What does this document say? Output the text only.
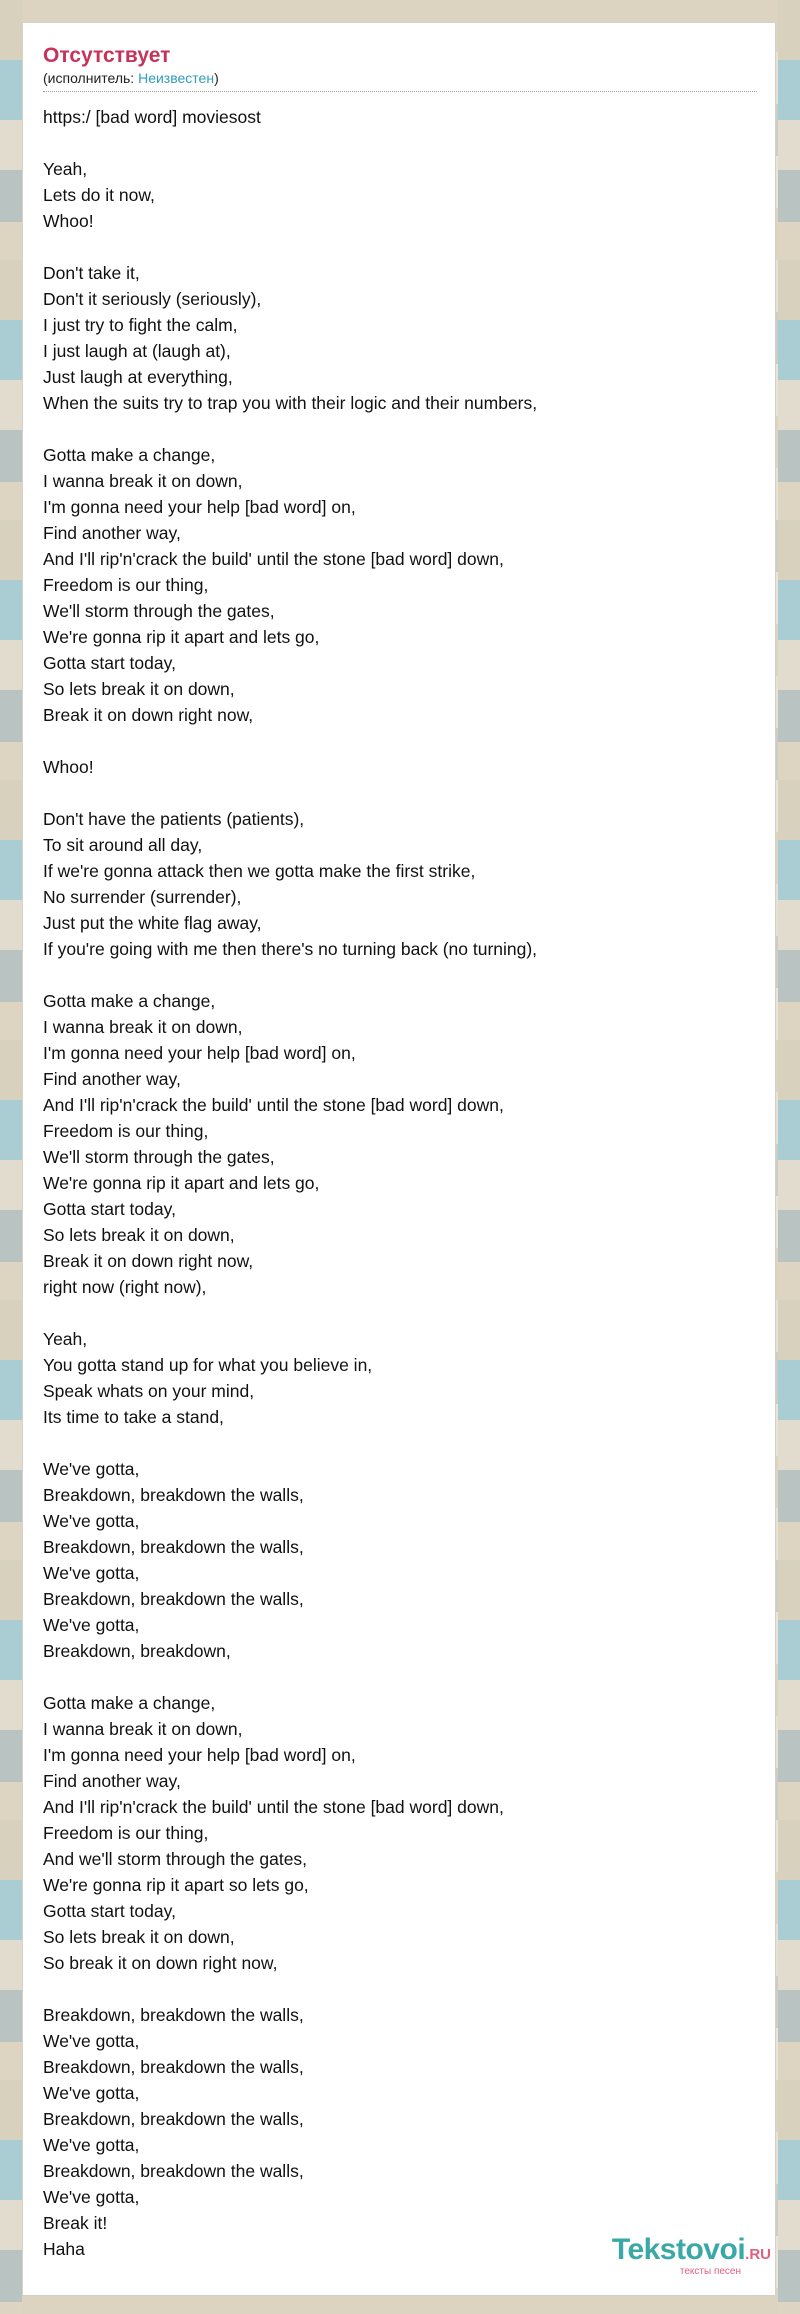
Отсутствует
(исполнитель: Неизвестен)
https:/ [bad word] moviesost
Yeah,
Lets do it now,
Whoo!
Don't take it,
Don't it seriously (seriously),
I just try to fight the calm,
I just laugh at (laugh at),
Just laugh at everything,
When the suits try to trap you with their logic and their numbers,
Gotta make a change,
I wanna break it on down,
I'm gonna need your help [bad word] on,
Find another way,
And I'll rip'n'crack the build' until the stone [bad word] down,
Freedom is our thing,
We'll storm through the gates,
We're gonna rip it apart and lets go,
Gotta start today,
So lets break it on down,
Break it on down right now,
Whoo!
Don't have the patients (patients),
To sit around all day,
If we're gonna attack then we gotta make the first strike,
No surrender (surrender),
Just put the white flag away,
If you're going with me then there's no turning back (no turning),
Gotta make a change,
I wanna break it on down,
I'm gonna need your help [bad word] on,
Find another way,
And I'll rip'n'crack the build' until the stone [bad word] down,
Freedom is our thing,
We'll storm through the gates,
We're gonna rip it apart and lets go,
Gotta start today,
So lets break it on down,
Break it on down right now,
right now (right now),
Yeah,
You gotta stand up for what you believe in,
Speak whats on your mind,
Its time to take a stand,
We've gotta,
Breakdown, breakdown the walls,
We've gotta,
Breakdown, breakdown the walls,
We've gotta,
Breakdown, breakdown the walls,
We've gotta,
Breakdown, breakdown,
Gotta make a change,
I wanna break it on down,
I'm gonna need your help [bad word] on,
Find another way,
And I'll rip'n'crack the build' until the stone [bad word] down,
Freedom is our thing,
And we'll storm through the gates,
We're gonna rip it apart so lets go,
Gotta start today,
So lets break it on down,
So break it on down right now,
Breakdown, breakdown the walls,
We've gotta,
Breakdown, breakdown the walls,
We've gotta,
Breakdown, breakdown the walls,
We've gotta,
Breakdown, breakdown the walls,
We've gotta,
Break it!
Haha	Tekstovoi.RU
тексты песен
